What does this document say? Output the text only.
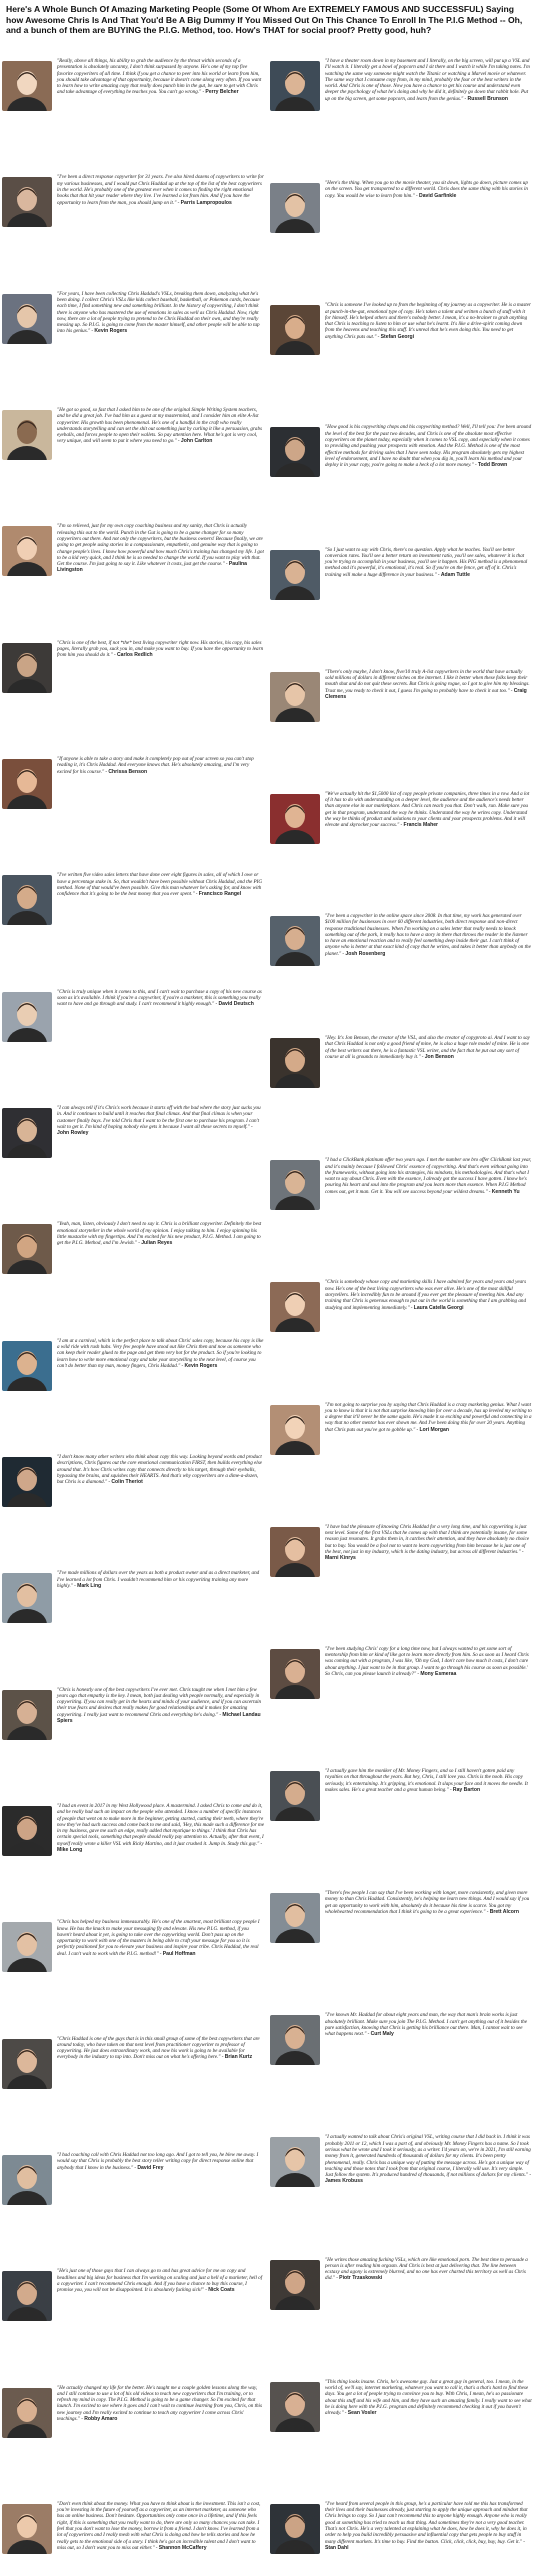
Here's A Whole Bunch Of Amazing Marketing People (Some Of Whom Are EXTREMELY FAMOUS AND SUCCESSFUL) Saying how Awesome Chris Is And That You'd Be A Big Dummy If You Missed Out On This Chance To Enroll In The P.I.G Method -- Oh, and a bunch of them are BUYING the P.I.G. Method, too. How's THAT for social proof? Pretty good, huh?
"Really, above all things, his ability to grab the audience by the throat within seconds of a presentation is absolutely uncanny, I don't think surpassed by anyone. He's one of my top five favorite copywriters of all time. I think if you get a chance to peer into his world or learn from him, you should take advantage of that opportunity, because it doesn't come along very often. If you want to learn how to write amazing copy that really does punch him in the gut, be sure to get with Chris and take advantage of everything he teaches you. You can't go wrong." - Perry Belcher
"I've been a direct response copywriter for 31 years. I've also hired dozens of copywriters to write for my various businesses, and I would put Chris Haddad up at the top of the list of the best copywriters in the world. He's probably one of the greatest ever when it comes to finding the right emotional hooks that that hit your reader where they live. I've learned a lot from him. And if you have the opportunity to learn from the man, you should jump on it." - Parris Lampropoulos
"For years, I have been collecting Chris Haddad's VSLs, breaking them down, analyzing what he's been doing. I collect Chris's VSLs like kids collect baseball, basketball, or Pokemon cards, because each time, I find something new and something brilliant. In the history of copywriting, I don't think there is anyone who has mastered the use of emotions in sales as well as Chris Haddad. Now, right now, there are a lot of people trying to pretend to be Chris Haddad on their own, and they're really messing up. So P.I.G. is going to come from the master himself, and other people will be able to tap into his genius." - Kevin Rogers
"He got so good, so fast that I asked him to be one of the original Simple Writing System teachers, and he did a great job. I've had him as a guest at my mastermind, and I consider him an elite A-list copywriter. His growth has been phenomenal. He's one of a handful in the craft who really understands storytelling and can set the shit out something just by curling it like a persuasion, grabs eyeballs, and forces people to open their wallets. So pay attention here. What he's got is very cool, very unique, and will seem to put it where you need to go." - John Carlton
"I'm so relieved, just for my own copy coaching business and my sanity, that Chris is actually releasing this out to the world. Punch in the Gut is going to be a game changer for so many copywriters out there. And not only the copywriters, but the business owners! Because finally, we are going to get people using stories in a compassionate, empathetic, and genuine way that is going to change people's lives. I know how powerful and how much Chris's training has changed my life. I got to be a kid very quick, and I think he is so needed to change the world. If you want to play with that. Get the course. I'm just going to say it. Like whatever it costs, just get the course." - Paulina Livingston
"Chris is one of the best, if not *the* best living copywriter right now. His stories, his copy, his sales pages, literally grab you, suck you in, and make you want to buy. If you have the opportunity to learn from him you should do it." - Carlos Redlich
"If anyone is able to take a story and make it completely pop out of your screen so you can't stop reading it, it's Chris Haddad. And everyone knows that. He's absolutely amazing, and I'm very excited for his course." - Chrissa Benson
"I've written five video sales letters that have done over eight figures in sales, all of which I owe or have a percentage stake in. So, that wouldn't have been possible without Chris Haddad, and the PIG method. None of that would've been possible. Give this man whatever he's asking for, and know with confidence that it's going to be the best money that you ever spent." - Francisco Rangel
"Chris is truly unique when it comes to this, and I can't wait to purchase a copy of his new course as soon as it's available. I think if you're a copywriter, if you're a marketer, this is something you really want to have and go through and study. I can't recommend it highly enough." - David Deutsch
"I can always tell if it's Chris's work because it starts off with the bad where the story just sucks you in. And it continues to build until it reaches that final climax. And that final climax is when your customer finally buys. I've told Chris that I want to be the first one to purchase his program. I can't wait to get it. I'm kind of hoping nobody else gets it because I want all these secrets to myself." - John Rowley
"Yeah, man, listen, obviously I don't need to say it. Chris is a brilliant copywriter. Definitely the best emotional storyteller in the whole world of my opinion. I enjoy talking to him. I enjoy spinning his little mustache with my fingertips. And I'm excited for his new product, P.I.G. Method. I am going to get the P.I.G. Method, and I'm Jewish." - Julian Reyes
"I am at a carnival, which is the perfect place to talk about Chris' sales copy, because his copy is like a wild ride with rush hubs. Very few people have stood out like Chris then and now as someone who can keep their reader glued to the page and get them very hot for the product. So if you're looking to learn how to write more emotional copy and take your storytelling to the next level, of course you can't do better than my man, money fingers, Chris Haddad." - Kevin Rogers
"I don't know many other writers who think about copy this way. Looking beyond words and product descriptions, Chris figures out the core emotional communication FIRST, then builds everything else around that. It's how Chris writes copy that connects directly to his target, through their eyeballs, bypassing the brains, and squishes their HEARTS. And that's why copywriters are a dime-a-dozen, but Chris is a diamond." - Colin Theriot
"I've made millions of dollars over the years as both a product owner and as a direct marketer, and I've learned a lot from Chris. I wouldn't recommend him or his copywriting training any more highly." - Mark Ling
"Chris is honestly one of the best copywriters I've ever met. Chris taught me when I met him a few years ago that empathy is the key. I mean, both just dealing with people normally, and especially in copywriting. If you can really get in the hearts and minds of your audience, and if you can ascertain their true fears and desires that really makes for good relationships and it makes for amazing copywriting. I really just want to recommend Chris and everything he's doing." - Michael Landau Spiers
"I had an event in 2017 in my West Hollywood place. A mastermind. I asked Chris to come and do it, and he really had such an impact on the people who attended. I know a number of specific instances of people that went on to make more in the beginner, getting started, cutting their teeth, where they're now they've had such success and come back to me and said, 'Hey, this made such a difference for me in my business, gave me such an edge, really added that mystique to things.' I think that Chris has certain special tools, something that people should really pay attention to. Actually, after that event, I myself really wrote a killer VSL with Ricky Martino, and it just crushed it. Jump in. Study this guy." - Mike Long
"Chris has helped my business immeasurably. He's one of the smartest, most brilliant copy people I know. He has the knack to make your messaging fly and elevate. His new P.I.G. method, if you haven't heard about it yet, is going to take over the copywriting world. Don't pass up on the opportunity to work with one of the masters in being able to craft your message for you so it is perfectly positioned for you to elevate your business and inspire your tribe. Chris Haddad, the real deal. I can't wait to work with the P.I.G. method!" - Paul Hoffman
"Chris Haddad is one of the guys that is in this small group of some of the best copywriters that are around today, who have taken on that next level from practitioner copywriter to professor of copywriting. He just does extraordinary work, and now his work is going to be available for everybody in the industry to tap into. Don't miss out on what he's offering here." - Brian Kurtz
"I had coaching call with Chris Haddad not too long ago. And I got to tell you, he blew me away. I would say that Chris is probably the best story teller writing copy for direct response online that anybody that I know in the business." - David Frey
"He's just one of those guys that I can always go to and has great advice for me on copy and headlines and big ideas for business that I'm working on scaling and just a hell of a marketer, hell of a copywriter. I can't recommend Chris enough. And if you have a chance to buy this course, I promise you, you will not be disappointed. It is absolutely fucking sick!" - Nick Coats
"He actually changed my life for the better. He's taught me a couple golden lessons along the way, and I still continue to use a lot of his old videos to teach new copywriters that I'm training, or to refresh my mind in copy. The P.I.G. Method is going to be a game changer. So I'm excited for that launch. I'm excited to see where it goes and I can't wait to continue learning from you, Chris, on this new journey and I'm really excited to continue to teach any copywriter I come across Chris' teachings." - Robby Amaro
"Don't even think about the money. What you have to think about is the investment. This isn't a cost, you're investing in the future of yourself as a copywriter, as an internet marketer, as someone who has an online business. Don't hesitate. Opportunities only come once in a lifetime, and if this feels right, if this is something that you really want to do, there are only so many chances you can take. I feel that you don't want to lose the money, borrow it from a friend. I don't know. I've learned from a lot of copywriters and I really mesh with what Chris is doing and how he tells stories and how he really gets to the emotional side of a story. I think he's got an incredible talent and I don't want to miss out, so I don't want you to miss out either." - Shannon McCaffery
"I have a theater room down in my basement and I literally, on the big screen, will put up a VSL and I'll watch it. I literally get a bowl of popcorn and I sit there and I watch it while I'm taking notes. I'm watching the same way someone might watch the Titanic or watching a Marvel movie or whatever. The same way that I consume copy from, in my mind, probably the four or the best writers in the world. And Chris is one of those. Now you have a chance to get his course and understand even deeper the psychology of what he's doing and why he did it, definitely go down that rabbit hole. Put up on the big screen, get some popcorn, and learn from the genius." - Russell Brunson
"Here's the thing. When you go to the movie theater, you sit down, lights go down, picture comes up on the screen. You get transported to a different world. Chris does the same thing with his stories in copy. You would be wise to learn from him." - David Garfinkle
"Chris is someone I've looked up to from the beginning of my journey as a copywriter. He is a master at punch-in-the-gut, emotional type of copy. He's taken a talent and written a bunch of stuff with it for himself. He's helped others and there's nobody better. I mean, it's a no-brainer to grab anything that Chris is teaching to listen to him or use what he's learnt. It's like a drive-spirit coming down from the heavens and teaching this stuff. It's unreal that he's even doing this. You need to get anything Chris puts out." - Stefan Georgi
"How good is his copywriting chops and his copywriting method? Well, I'll tell you: I've been around the level of the best for the past two decades, and Chris is one of the absolute most effective copywriters on the planet today, especially when it comes to VSL copy, and especially when it comes to providing and pushing your prospects with emotion. And the P.I.G. Method is one of the most effective methods for driving sales that I have seen today. His program absolutely gets my highest level of endorsement, and I have no doubt that when you dig in, you'll learn his method and your deploy it in your copy, you're going to make a heck of a lot more money." - Todd Brown
"So I just want to say with Chris, there's no question. Apply what he teaches. You'll see better conversion rates. You'll see a better return on investment ratio, you'll see sales, whatever it is that you're trying to accomplish in your business, you'll see it happen. His PIG method is a phenomenal method and it's powerful, it's emotional, it's real. So if you're on the fence, get off of it. Chris's training will make a huge difference in your business." - Adam Tuttle
"There's only maybe, I don't know, five/10 truly A-list copywriters in the world that have actually sold millions of dollars in different niches on the internet. I like it better when these folks keep their mouth shut and do not quit these secrets. But Chris is going rogue, so I got to give him my blessings. Trust me, you ready to check it out, I guess I'm going to probably have to check it out too." - Craig Clemens
"We've actually hit the $1,5000 list of copy people private companies, three times in a row. And a lot of it has to do with understanding on a deeper level, the audience and the audience's needs better than anyone else in our marketplace. And Chris can teach you that. Don't walk, run. Make sure you get in that program, understand the way he thinks. Understand the way he writes copy. Understand the way he thinks of product and solutions to your clients and your prospects problems. And it will elevate and skyrocket your success." - Francis Maher
"I've been a copywriter in the online space since 2008. In that time, my work has generated over $100 million for businesses in over 60 different industries, both direct response and non-direct response traditional businesses. When I'm working on a sales letter that really needs to knock something out of the park, it really has to have a story in there that throws the reader in the listener to have an emotional reaction and to really feel something deep inside their gut. I can't think of anyone who is better at that exact kind of copy that he writes, and takes it better than anybody on the planet." - Josh Rosenberg
"Hey. It's Jon Benson, the creator of the VSL, and also the creator of copyproto ai. And I want to say that Chris Haddad is not only a good friend of mine, he is also a huge role model of mine. He is one of the best writers out there, he is a fantastic VSL writer, and the fact that he put out any sort of course at all is grounds to immediately buy it." - Jon Benson
"I had a ClickBank platinum offer two years ago. I met the number one bro offer ClickBank last year, and it's mainly because I followed Chris' essence of copywriting. And that's even without going into the frameworks, without going into his strategies, his mindsets, his methodologies. And that's what I want to say about Chris. Even with the essence, I already got the success I have gotten. I know he's pouring his heart and soul into the program and you learn more than essence. When P.I.G Method comes out, get it man. Get it. You will see success beyond your wildest dreams." - Kenneth Yu
"Chris is somebody whose copy and marketing skills I have admired for years and years and years now. He's one of the best living copywriters who was ever alive. He's one of the most skillful storytellers. He's incredibly fun to be around if you ever get the pleasure of meeting him. And any training that Chris is generous enough to put out in the world is something that I am grabbing and studying and implementing immediately." - Laura Catella Georgi
"I'm not going to surprise you by saying that Chris Haddad is a crazy marketing genius. What I want you to know is that it is not that surprise knowing him for over a decade, has up leveled my writing to a degree that it'll never be the same again. He's made it so exciting and powerful and connecting in a way that no other mentor has ever shown me. And I've been doing this for over 20 years. Anything that Chris puts out you've got to gobble up." - Lori Morgan
"I have had the pleasure of knowing Chris Haddad for a very long time, and his copywriting is just next level. Some of the first VSLs that he comes up with that I think are potentially insane, for some reason just resonates. It grabs them in, it catches their attention, and they have absolutely no choice but to buy. You would be a fool not to want to learn copywriting from him because he is just one of the best, not just in my industry, which is the dating industry, but across all different industries." - Marni Kinrys
"I've been studying Chris' copy for a long time now, but I always wanted to get some sort of mentorship from him or kind of like got to learn more directly from him. So as soon as I heard Chris was coming out with a program, I was like, 'Oh my God, I don't care how much it costs, I don't care about anything. I just want to be in that group. I want to go through his course as soon as possible.' So Chris, can you please launch it already?" - Mony Esmeraa
"I actually gave him the moniker of Mr. Money Fingers, and so I still haven't gotten paid any royalties on that throughout the years. But hey, Chris, I still love you. Chris is the noob. His copy seriously, it's entertaining. It's gripping, it's emotional. It slaps your face and it moves the needle. It makes sales. He's a great teacher and a great human being." - Ray Barton
"There's few people I can say that I've been working with longer, more consistently, and given more money to than Chris Haddad. Consistently, he's helping me learn new things. And I would say if you get an opportunity to work with him, absolutely do it because his time is scarce. You got my wholehearted recommendation that I think it's going to be a great experience." - Brett Alcorn
"I've known Mr. Haddad for about eight years and man, the way that man's brain works is just absolutely brilliant. Make sure you join The P.I.G. Method. I can't get anything out of it besides the pure satisfaction, knowing that Chris is getting his brilliance out there. Man, I cannot wait to see what happens next." - Curt Maly
"I actually wanted to talk about Chris's original VSL, writing course that I did back in. I think it was probably 2011 or 12, which I was a part of, and obviously Mr. Money Fingers has a name. So I took serious what he wrote and I took it seriously, as a writer. I'd years on, we're in 2021, I'm still earning money from it, generated hundreds of thousands of dollars for my clients. It's been pretty phenomenal, really. Chris has a unique way of putting the message across. He's got a unique way of teaching and those notes that I took from that original course, I literally will use. It's very simple. Just follow the system. It's produced hundred of thousands, if not millions of dollars for my clients." - James Krobuss
"He writes those amazing fucking VSLs, which are like emotional porn. The best time to persuade a person is after reading him orgasm. And Chris is best at just delivering that. The line between ecstasy and agony is extremely blurred, and no one has ever charted this territory as well as Chris did." - Piotr Trzaskowski
"This thing looks insane. Chris, he's awesome guy. Just a great guy in general, too. I mean, in the world of, we'll say, internet marketing, whatever you want to call it, that's a that's hard to find these days. You get a lot of people trying to convince you to buy. With Chris, I mean, he's so passionate about this stuff and his wife and him, and they have such an amazing family. I really want to see what he is doing here with the P.I.G. program and definitely recommend checking it out if you haven't already." - Sean Vosler
"I've heard from several people in this group, he's a particular have told me this has transformed their lives and their businesses already, just starting to apply the unique approach and mindset that Chris brings to copy. So I just can't recommend this to anyone highly enough. Anyone who is really good at something has tried to teach us that thing. And sometimes they're not a very good teacher. That's not Chris. He's a very talented at explaining what he does, how he does it, why he does it, in order to help you build incredibly persuasive and influential copy that gets people to buy stuff in many different markets. It's time to buy. Find the button. Click, click, click, buy, buy, buy. Get it." - Stan Dahl
